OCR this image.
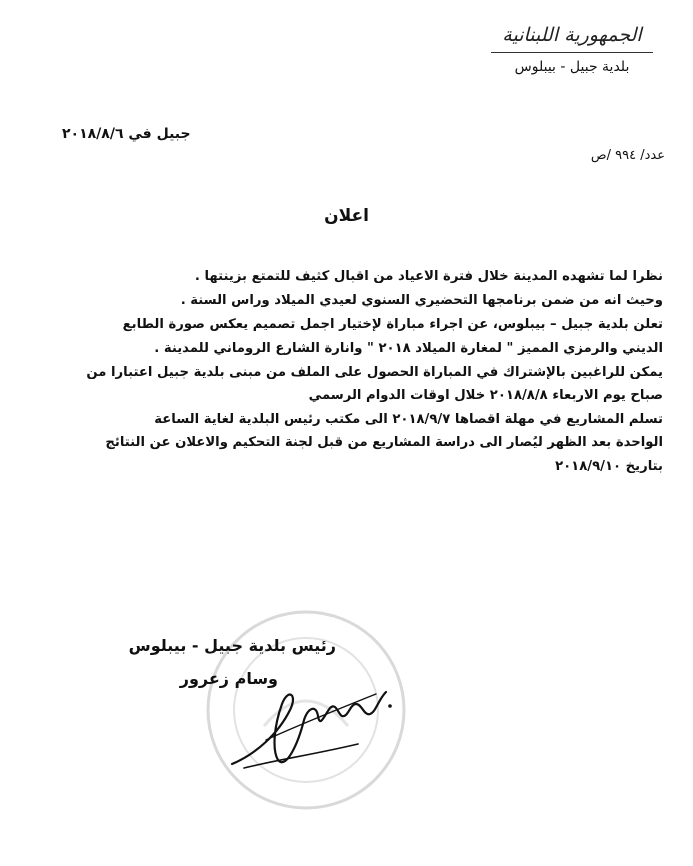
الجمهورية اللبنانية
بلدية جبيل - بيبلوس
جبيل في ٢٠١٨/٨/٦
عدد/ ٩٩٤ /ص
اعلان

نظراً لما تشهده المدينة خلال فترة الأعياد من اقبال كثيف للتمتع بزينتها .

وحيث انه من ضمن برنامجها التحضيري السنوي لعيدي الميلاد ورأس السنة .

تعلن بلدية جبيل – بيبلوس، عن اجراء مباراة لإختيار أجمل تصميم يعكس صورة الطابع
الديني والرمزي المميز " لمغارة الميلاد ٢٠١٨ " وانارة الشارع الروماني للمدينة .

يمكن للراغبين بالإشتراك في المباراة الحصول على الملف من مبنى بلدية جبيل اعتباراً من
صباح يوم الأربعاء ٢٠١٨/٨/٨ خلال اوقات الدوام الرسمي

تسلم المشاريع في مهلة اقصاها ٢٠١٨/٩/٧ الى مكتب رئيس البلدية لغاية الساعة
الواحدة بعد الظهر ليُصار الى دراسة المشاريع من قبل لجنة التحكيم والاعلان عن النتائج
بتاريخ ٢٠١٨/٩/١٠

رئيس بلدية جبيل - بيبلوس
وسام زعرور
